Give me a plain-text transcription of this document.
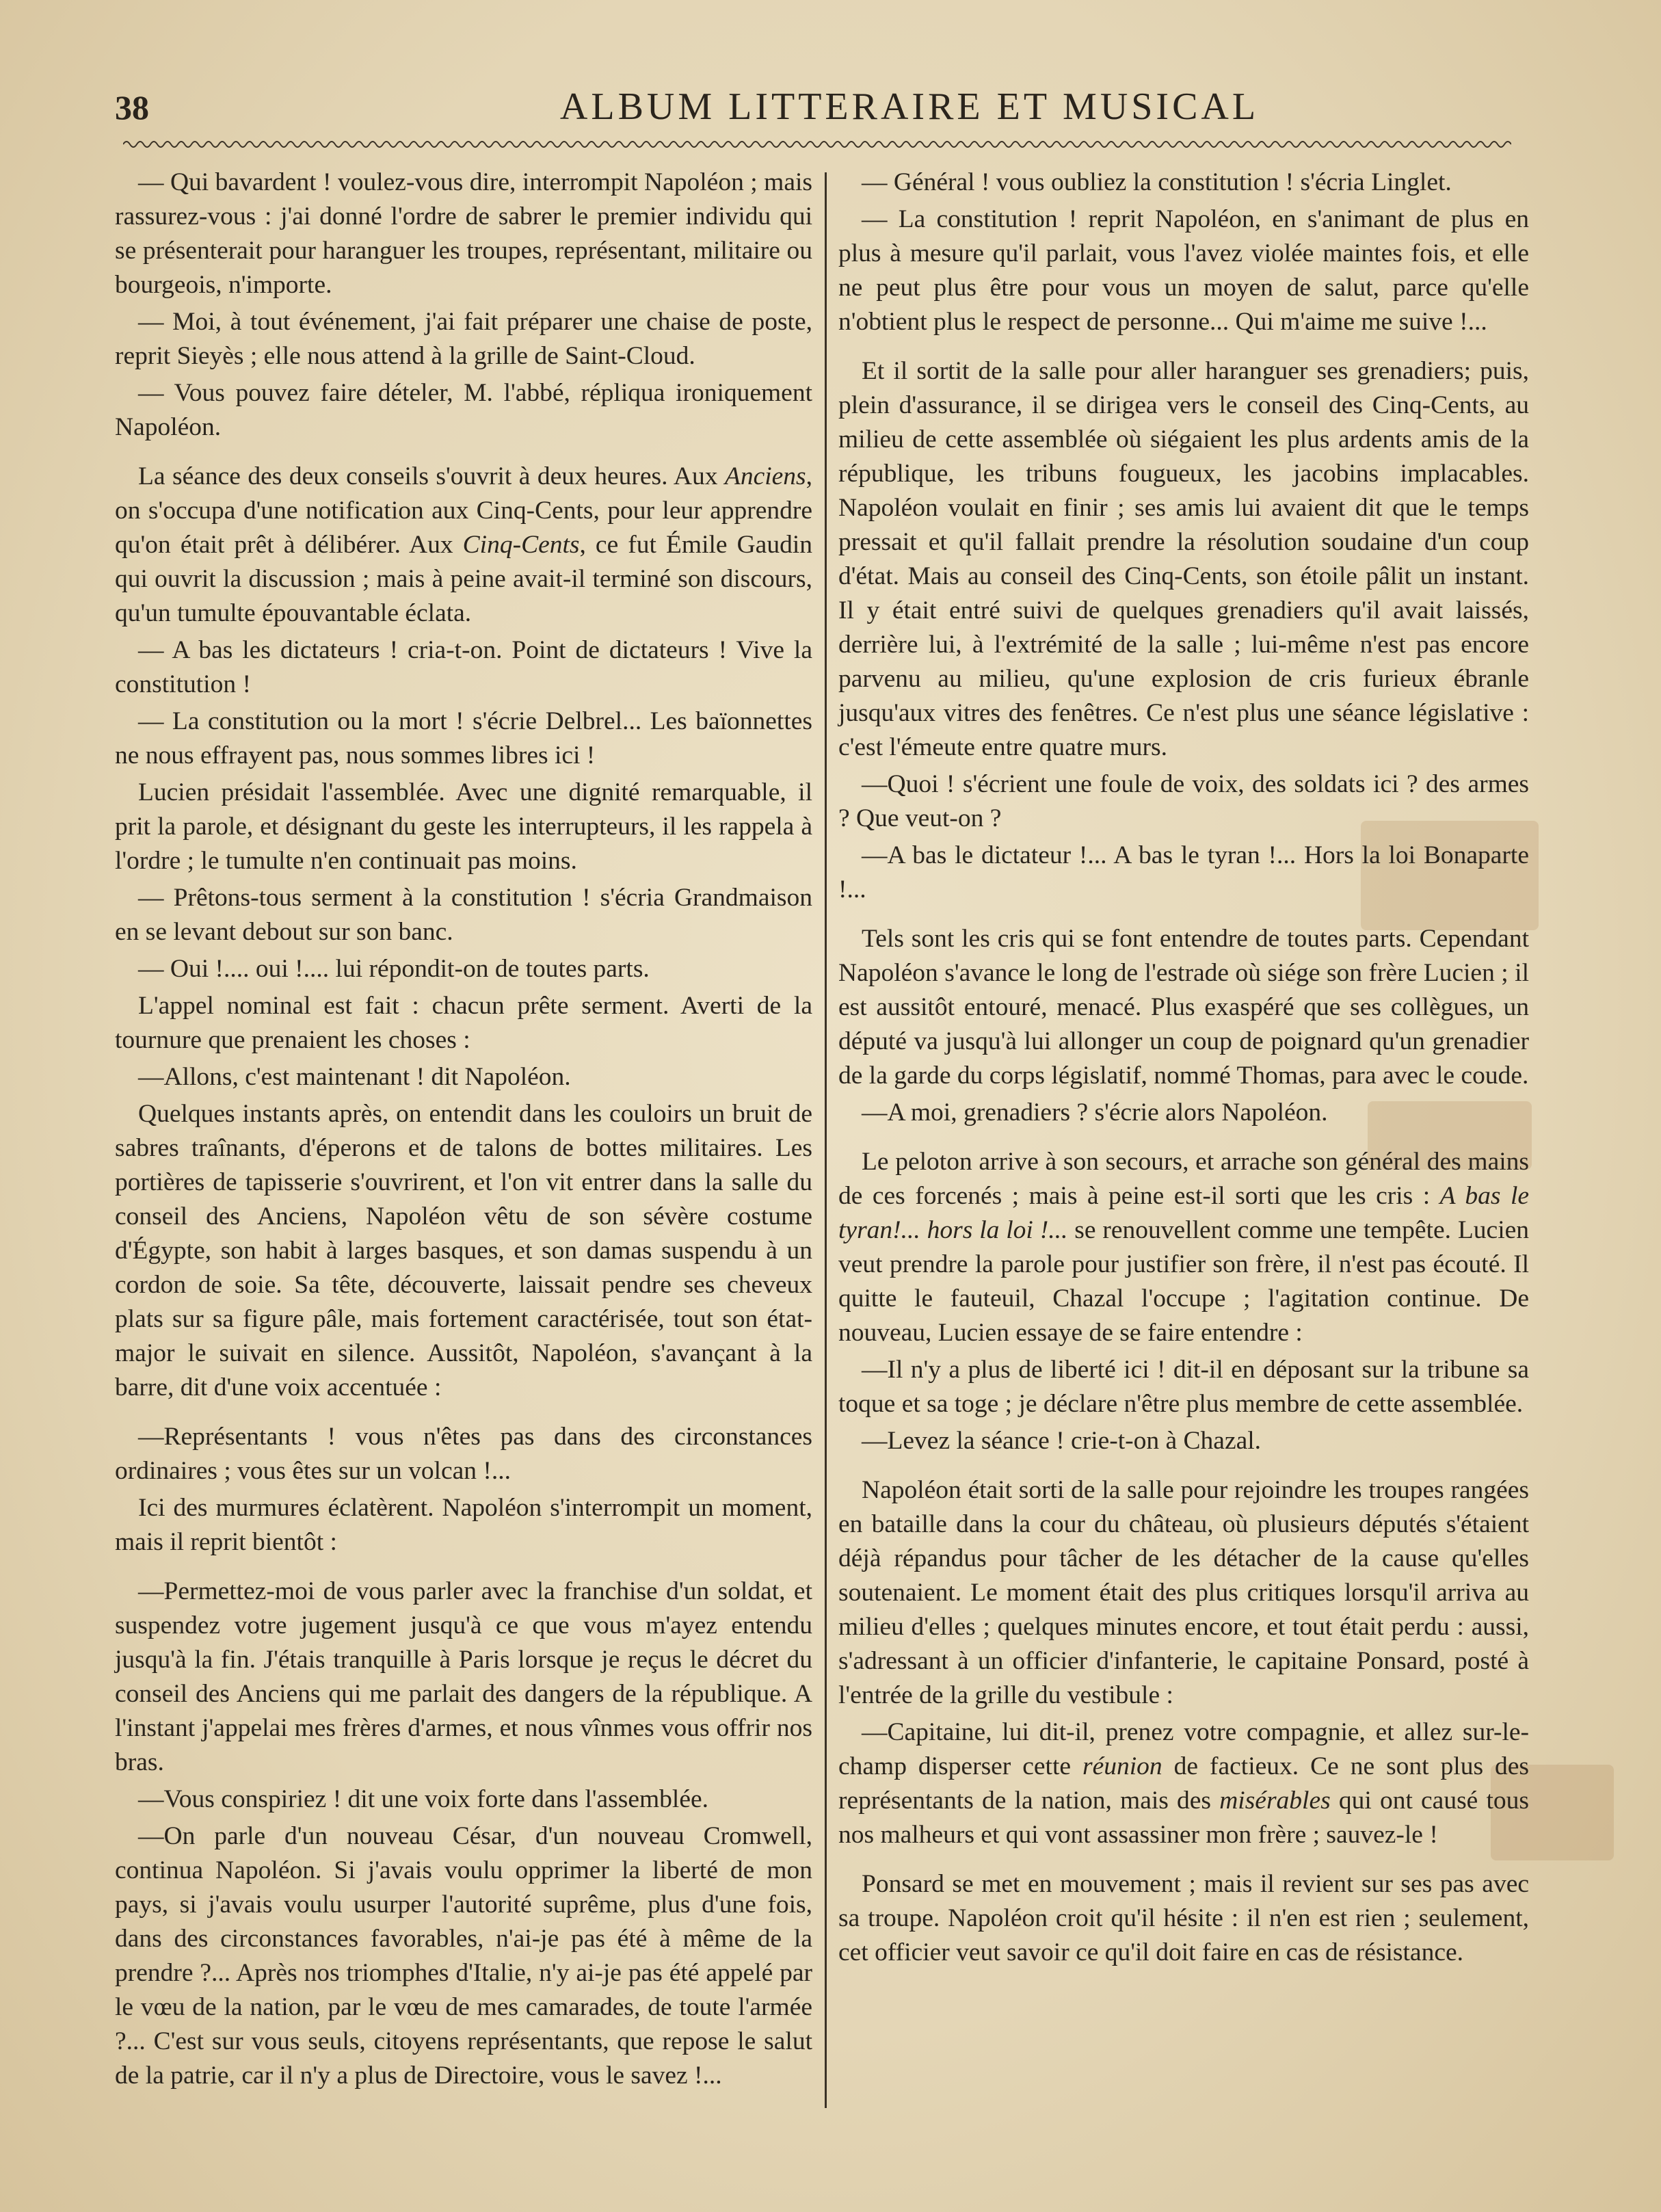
38	ALBUM LITTERAIRE ET MUSICAL

— Qui bavardent ! voulez-vous dire, interrompit Napoléon ; mais rassurez-vous : j'ai donné l'ordre de sabrer le premier individu qui se présenterait pour haranguer les troupes, représentant, militaire ou bourgeois, n'importe.

— Moi, à tout événement, j'ai fait préparer une chaise de poste, reprit Sieyès ; elle nous attend à la grille de Saint-Cloud.

— Vous pouvez faire dételer, M. l'abbé, répliqua ironiquement Napoléon.

La séance des deux conseils s'ouvrit à deux heures. Aux Anciens, on s'occupa d'une notification aux Cinq-Cents, pour leur apprendre qu'on était prêt à délibérer. Aux Cinq-Cents, ce fut Émile Gaudin qui ouvrit la discussion ; mais à peine avait-il terminé son discours, qu'un tumulte épouvantable éclata.

— A bas les dictateurs ! cria-t-on. Point de dictateurs ! Vive la constitution !

— La constitution ou la mort ! s'écrie Delbrel... Les baïonnettes ne nous effrayent pas, nous sommes libres ici !

Lucien présidait l'assemblée. Avec une dignité remarquable, il prit la parole, et désignant du geste les interrupteurs, il les rappela à l'ordre ; le tumulte n'en continuait pas moins.

— Prêtons-tous serment à la constitution ! s'écria Grandmaison en se levant debout sur son banc.

— Oui !.... oui !.... lui répondit-on de toutes parts.

L'appel nominal est fait : chacun prête serment. Averti de la tournure que prenaient les choses :

—Allons, c'est maintenant ! dit Napoléon.

Quelques instants après, on entendit dans les couloirs un bruit de sabres traînants, d'éperons et de talons de bottes militaires. Les portières de tapisserie s'ouvrirent, et l'on vit entrer dans la salle du conseil des Anciens, Napoléon vêtu de son sévère costume d'Égypte, son habit à larges basques, et son damas suspendu à un cordon de soie. Sa tête, découverte, laissait pendre ses cheveux plats sur sa figure pâle, mais fortement caractérisée, tout son état-major le suivait en silence. Aussitôt, Napoléon, s'avançant à la barre, dit d'une voix accentuée :

—Représentants ! vous n'êtes pas dans des circonstances ordinaires ; vous êtes sur un volcan !...

Ici des murmures éclatèrent. Napoléon s'interrompit un moment, mais il reprit bientôt :

—Permettez-moi de vous parler avec la franchise d'un soldat, et suspendez votre jugement jusqu'à ce que vous m'ayez entendu jusqu'à la fin. J'étais tranquille à Paris lorsque je reçus le décret du conseil des Anciens qui me parlait des dangers de la république. A l'instant j'appelai mes frères d'armes, et nous vînmes vous offrir nos bras.

—Vous conspiriez ! dit une voix forte dans l'assemblée.

—On parle d'un nouveau César, d'un nouveau Cromwell, continua Napoléon. Si j'avais voulu opprimer la liberté de mon pays, si j'avais voulu usurper l'autorité suprême, plus d'une fois, dans des circonstances favorables, n'ai-je pas été à même de la prendre ?... Après nos triomphes d'Italie, n'y ai-je pas été appelé par le vœu de la nation, par le vœu de mes camarades, de toute l'armée ?... C'est sur vous seuls, citoyens représentants, que repose le salut de la patrie, car il n'y a plus de Directoire, vous le savez !...

— Général ! vous oubliez la constitution ! s'écria Linglet.

— La constitution ! reprit Napoléon, en s'animant de plus en plus à mesure qu'il parlait, vous l'avez violée maintes fois, et elle ne peut plus être pour vous un moyen de salut, parce qu'elle n'obtient plus le respect de personne... Qui m'aime me suive !...

Et il sortit de la salle pour aller haranguer ses grenadiers; puis, plein d'assurance, il se dirigea vers le conseil des Cinq-Cents, au milieu de cette assemblée où siégaient les plus ardents amis de la république, les tribuns fougueux, les jacobins implacables. Napoléon voulait en finir ; ses amis lui avaient dit que le temps pressait et qu'il fallait prendre la résolution soudaine d'un coup d'état. Mais au conseil des Cinq-Cents, son étoile pâlit un instant. Il y était entré suivi de quelques grenadiers qu'il avait laissés, derrière lui, à l'extrémité de la salle ; lui-même n'est pas encore parvenu au milieu, qu'une explosion de cris furieux ébranle jusqu'aux vitres des fenêtres. Ce n'est plus une séance législative : c'est l'émeute entre quatre murs.

—Quoi ! s'écrient une foule de voix, des soldats ici ? des armes ? Que veut-on ?

—A bas le dictateur !... A bas le tyran !... Hors la loi Bonaparte !...

Tels sont les cris qui se font entendre de toutes parts. Cependant Napoléon s'avance le long de l'estrade où siége son frère Lucien ; il est aussitôt entouré, menacé. Plus exaspéré que ses collègues, un député va jusqu'à lui allonger un coup de poignard qu'un grenadier de la garde du corps législatif, nommé Thomas, para avec le coude.

—A moi, grenadiers ? s'écrie alors Napoléon.

Le peloton arrive à son secours, et arrache son général des mains de ces forcenés ; mais à peine est-il sorti que les cris : A bas le tyran!... hors la loi !... se renouvellent comme une tempête. Lucien veut prendre la parole pour justifier son frère, il n'est pas écouté. Il quitte le fauteuil, Chazal l'occupe ; l'agitation continue. De nouveau, Lucien essaye de se faire entendre :

—Il n'y a plus de liberté ici ! dit-il en déposant sur la tribune sa toque et sa toge ; je déclare n'être plus membre de cette assemblée.

—Levez la séance ! crie-t-on à Chazal.

Napoléon était sorti de la salle pour rejoindre les troupes rangées en bataille dans la cour du château, où plusieurs députés s'étaient déjà répandus pour tâcher de les détacher de la cause qu'elles soutenaient. Le moment était des plus critiques lorsqu'il arriva au milieu d'elles ; quelques minutes encore, et tout était perdu : aussi, s'adressant à un officier d'infanterie, le capitaine Ponsard, posté à l'entrée de la grille du vestibule :

—Capitaine, lui dit-il, prenez votre compagnie, et allez sur-le-champ disperser cette réunion de factieux. Ce ne sont plus des représentants de la nation, mais des misérables qui ont causé tous nos malheurs et qui vont assassiner mon frère ; sauvez-le !

Ponsard se met en mouvement ; mais il revient sur ses pas avec sa troupe. Napoléon croit qu'il hésite : il n'en est rien ; seulement, cet officier veut savoir ce qu'il doit faire en cas de résistance.
